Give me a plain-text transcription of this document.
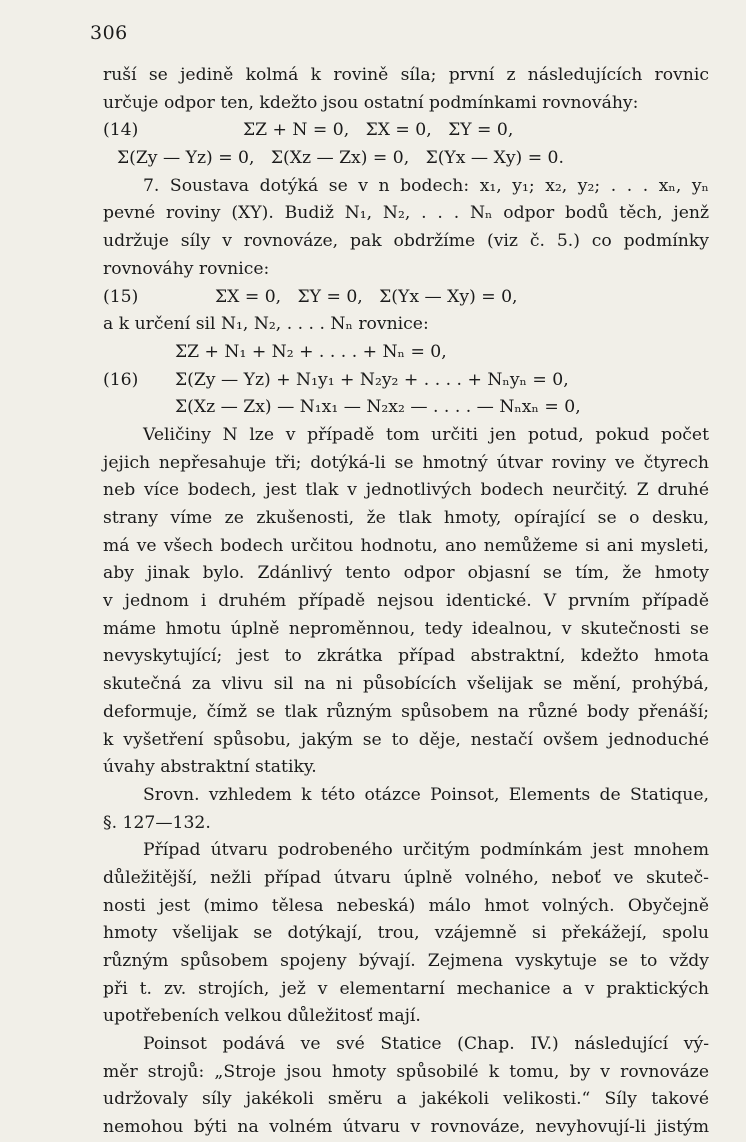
306
ruší se jedině kolmá k rovině síla; první z následujících rovnic
určuje odpor ten, kdežto jsou ostatní podmínkami rovnováhy:
(14)	ΣZ + N = 0,   ΣX = 0,   ΣY = 0,
Σ(Zy — Yz) = 0,   Σ(Xz — Zx) = 0,   Σ(Yx — Xy) = 0.
7. Soustava dotýká se v n bodech: x₁, y₁; x₂, y₂; . . . xₙ, yₙ
pevné roviny (XY). Budiž N₁, N₂, . . . Nₙ odpor bodů těch, jenž
udržuje síly v rovnováze, pak obdržíme (viz č. 5.) co podmínky
rovnováhy rovnice:
(15)	ΣX = 0,   ΣY = 0,   Σ(Yx — Xy) = 0,
a k určení sil N₁, N₂, . . . . Nₙ rovnice:
ΣZ + N₁ + N₂ + . . . . + Nₙ = 0,
(16) Σ(Zy — Yz) + N₁y₁ + N₂y₂ + . . . . + Nₙyₙ = 0,
Σ(Xz — Zx) — N₁x₁ — N₂x₂ — . . . . — Nₙxₙ = 0,
Veličiny N lze v případě tom určiti jen potud, pokud počet
jejich nepřesahuje tři; dotýká-li se hmotný útvar roviny ve čtyrech
neb více bodech, jest tlak v jednotlivých bodech neurčitý. Z druhé
strany víme ze zkušenosti, že tlak hmoty, opírající se o desku,
má ve všech bodech určitou hodnotu, ano nemůžeme si ani mysleti,
aby jinak bylo. Zdánlivý tento odpor objasní se tím, že hmoty
v jednom i druhém případě nejsou identické. V prvním případě
máme hmotu úplně neproměnnou, tedy idealnou, v skutečnosti se
nevyskytující; jest to zkrátka případ abstraktní, kdežto hmota
skutečná za vlivu sil na ni působících všelijak se mění, prohýbá,
deformuje, čímž se tlak různým spůsobem na různé body přenáší;
k vyšetření spůsobu, jakým se to děje, nestačí ovšem jednoduché
úvahy abstraktní statiky.
Srovn. vzhledem k této otázce Poinsot, Elements de Statique,
§. 127—132.
Případ útvaru podrobeného určitým podmínkám jest mnohem
důležitější, nežli případ útvaru úplně volného, neboť ve skuteč-
nosti jest (mimo tělesa nebeská) málo hmot volných. Obyčejně
hmoty všelijak se dotýkají, trou, vzájemně si překážejí, spolu
různým spůsobem spojeny bývají. Zejmena vyskytuje se to vždy
při t. zv. strojích, jež v elementarní mechanice a v praktických
upotřebeních velkou důležitosť mají.
Poinsot podává ve své Statice (Chap. IV.) následující vý-
měr strojů: „Stroje jsou hmoty spůsobilé k tomu, by v rovnováze
udržovaly síly jakékoli směru a jakékoli velikosti.“ Síly takové
nemohou býti na volném útvaru v rovnováze, nevyhovují-li jistým
